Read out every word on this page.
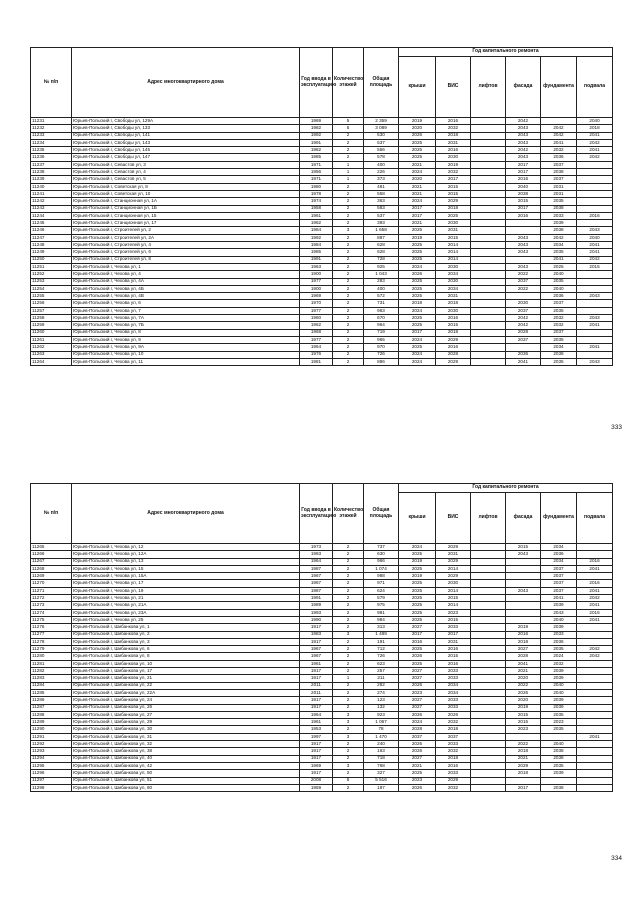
№ п/п	Адрес многоквартирного дома	Год ввода в эксплуатацию	Количество этажей	Общая площадь	Год капитального ремонта					
					крыши	ВИС	лифтов	фасада	фундамента	подвала
11231	Юрьев-Польский г, Свободы ул, 129А	1969	5	2 359	2019	2016		2042		2040
11232	Юрьев-Польский г, Свободы ул, 133	1982	5	3 089	2020	2032		2043	2042	2018
11233	Юрьев-Польский г, Свободы ул, 141	1992	2	530	2026	2018		2043	2042	2041
11234	Юрьев-Польский г, Свободы ул, 143	1991	2	537	2025	2031		2043	2041	2042
11235	Юрьев-Польский г, Свободы ул, 145	1982	2	556	2025	2016		2042	2032	2041
11236	Юрьев-Польский г, Свободы ул, 147	1985	2	578	2025	2030		2043	2036	2042
11237	Юрьев-Польский г, Севастов ул, 3	1971	1	400	2021	2019		2017	2037	
11238	Юрьев-Польский г, Севастов ул, 4	1956	1	226	2024	2032		2017	2038	
11239	Юрьев-Польский г, Севастов ул, 5	1971	1	373	2020	2017		2016	2037	
11240	Юрьев-Польский г, Советская ул, 8	1980	2	481	2021	2015		2040	2031	
11241	Юрьев-Польский г, Советская ул, 10	1978	2	558	2021	2015		2038	2031	
11242	Юрьев-Польский г, Станционная ул, 1А	1974	2	363	2024	2029		2015	2035	
11243	Юрьев-Польский г, Станционная ул, 1Б	1958	2	583	2017	2018		2017	2038	
11244	Юрьев-Польский г, Станционная ул, 15	1961	2	537	2017	2025		2016	2033	2016
11245	Юрьев-Польский г, Станционная ул, 17	1962	2	393	2021	2030			2039	
11246	Юрьев-Польский г, Строителей ул, 2	1984	3	1 658	2025	2031			2038	2043
11247	Юрьев-Польский г, Строителей ул, 2А	1992	2	887	2019	2015		2043	2042	2040
11248	Юрьев-Польский г, Строителей ул, 4	1984	2	628	2025	2014		2043	2034	2041
11249	Юрьев-Польский г, Строителей ул, 6	1985	2	628	2025	2014		2043	2035	2041
11250	Юрьев-Польский г, Строителей ул, 8	1991	2	728	2025	2014			2041	2042
11251	Юрьев-Польский г, Чехова ул, 1	1963	2	925	2024	2030		2043	2025	2015
11252	Юрьев-Польский г, Чехова ул, 4	1900	2	1 043	2026	2034		2022	2040	
11253	Юрьев-Польский г, Чехова ул, 4А	1977	2	283	2025	2030		2037	2035	
11254	Юрьев-Польский г, Чехова ул, 4Б	1900	2	400	2025	2034		2022	2040	
11255	Юрьев-Польский г, Чехова ул, 4В	1969	2	572	2025	2031			2036	2043
11256	Юрьев-Польский г, Чехова ул, 6	1970	2	731	2018	2018		2030	2037	
11257	Юрьев-Польский г, Чехова ул, 7	1977	2	963	2024	2030		2037	2035	
11258	Юрьев-Польский г, Чехова ул, 7А	1960	2	670	2025	2016		2042	2032	2043
11259	Юрьев-Польский г, Чехова ул, 7Б	1962	2	964	2025	2015		2042	2032	2041
11260	Юрьев-Польский г, Чехова ул, 8	1968	2	719	2017	2018		2028	2037	
11261	Юрьев-Польский г, Чехова ул, 9	1977	2	965	2024	2029		2037	2035	
11262	Юрьев-Польский г, Чехова ул, 9А	1964	2	970	2025	2016			2034	2041
11263	Юрьев-Польский г, Чехова ул, 10	1976	2	726	2024	2028		2036	2038	
11264	Юрьев-Польский г, Чехова ул, 11	1981	2	886	2024	2029		2041	2035	2043
333
№ п/п	Адрес многоквартирного дома	Год ввода в эксплуатацию	Количество этажей	Общая площадь	Год капитального ремонта					
					крыши	ВИС	лифтов	фасада	фундамента	подвала
11265	Юрьев-Польский г, Чехова ул, 12	1973	2	737	2024	2029		2015	2034	
11266	Юрьев-Польский г, Чехова ул, 12А	1983	2	630	2025	2031		2043	2036	
11267	Юрьев-Польский г, Чехова ул, 13	1964	2	966	2019	2029			2034	2016
11268	Юрьев-Польский г, Чехова ул, 15	1987	2	1 074	2025	2014			2037	2041
11269	Юрьев-Польский г, Чехова ул, 15А	1967	2	988	2019	2029			2037	
11270	Юрьев-Польский г, Чехова ул, 17	1967	2	971	2025	2030			2037	2016
11271	Юрьев-Польский г, Чехова ул, 19	1987	2	624	2025	2014		2043	2037	2041
11272	Юрьев-Польский г, Чехова ул, 21	1991	2	579	2025	2015			2041	2042
11273	Юрьев-Польский г, Чехова ул, 21А	1989	2	975	2025	2014			2039	2041
11274	Юрьев-Польский г, Чехова ул, 23А	1993	2	981	2025	2023			2043	2015
11275	Юрьев-Польский г, Чехова ул, 25	1990	2	984	2025	2015			2040	2041
11276	Юрьев-Польский г, Шибанкова ул, 1	1917	2	313	2027	2033		2019	2039	
11277	Юрьев-Польский г, Шибанкова ул, 2	1983	3	1 489	2017	2017		2016	2033	
11278	Юрьев-Польский г, Шибанкова ул, 3	1917	2	191	2016	2031		2018	2036	
11279	Юрьев-Польский г, Шибанкова ул, 6	1967	2	712	2025	2016		2027	2035	2042
11280	Юрьев-Польский г, Шибанкова ул, 8	1967	2	726	2026	2015		2028	2024	2042
11281	Юрьев-Польский г, Шибанкова ул, 10	1961	2	623	2025	2016		2041	2032	
11282	Юрьев-Польский г, Шибанкова ул, 17	1917	2	257	2027	2033		2021	2039	
11283	Юрьев-Польский г, Шибанкова ул, 21	1917	1	211	2027	2033		2020	2039	
11284	Юрьев-Польский г, Шибанкова ул, 22	2011	2	282	2026	2034		2022	2040	
11285	Юрьев-Польский г, Шибанкова ул, 22А	2011	2	274	2023	2034		2026	2040	
11286	Юрьев-Польский г, Шибанкова ул, 24	1917	2	123	2027	2033		2020	2039	
11287	Юрьев-Польский г, Шибанкова ул, 26	1917	2	132	2027	2033		2019	2039	
11288	Юрьев-Польский г, Шибанкова ул, 27	1964	3	923	2026	2026		2015	2035	
11289	Юрьев-Польский г, Шибанкова ул, 29	1961	3	1 067	2024	2032		2015	2023	
11290	Юрьев-Польский г, Шибанкова ул, 30	1953	2	78	2028	2018		2023	2035	
11291	Юрьев-Польский г, Шибанкова ул, 31	1997	3	1 470	2037	2037				2041
11292	Юрьев-Польский г, Шибанкова ул, 32	1917	2	240	2026	2033		2022	2040	
11293	Юрьев-Польский г, Шибанкова ул, 38	1917	2	163	2026	2032		2018	2038	
11294	Юрьев-Польский г, Шибанкова ул, 40	1917	2	718	2027	2018		2021	2038	
11295	Юрьев-Польский г, Шибанкова ул, 42	1969	3	768	2021	2016		2029	2035	
11296	Юрьев-Польский г, Шибанкова ул, 50	1917	2	327	2025	2033		2018	2039	
11297	Юрьев-Польский г, Шибанкова ул, 51	2008	5	5 516	2023	2029				
11298	Юрьев-Польский г, Шибанкова ул, 60	1959	2	187	2026	2032		2017	2038	
334
